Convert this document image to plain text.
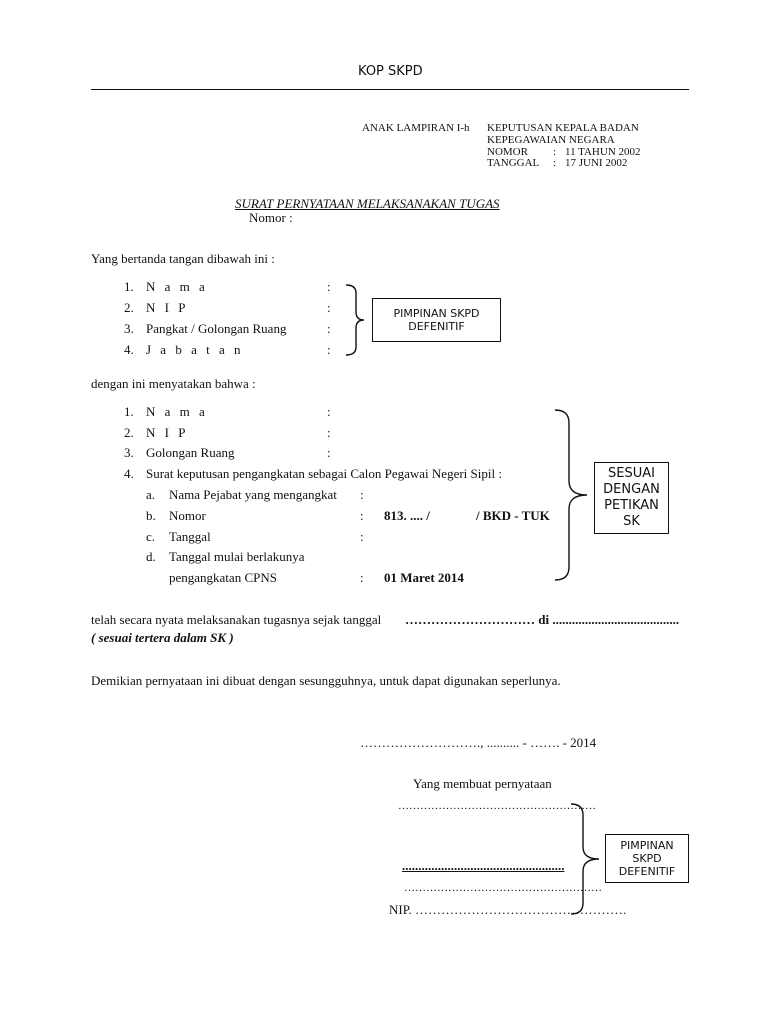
KOP SKPD
ANAK LAMPIRAN I-h KEPUTUSAN KEPALA BADAN
KEPEGAWAIAN NEGARA
NOMOR : 11 TAHUN 2002
TANGGAL : 17 JUNI 2002
SURAT PERNYATAAN MELAKSANAKAN TUGAS
Nomor :
Yang bertanda tangan dibawah ini :
1. N a m a	:
2. N I P	:
3. Pangkat / Golongan Ruang	:
4. J a b a t a n	:
PIMPINAN SKPD
DEFENITIF
dengan ini menyatakan bahwa :
1. N a m a	:
2. N I P	:
3. Golongan Ruang	:
4. Surat keputusan pengangkatan sebagai Calon Pegawai Negeri Sipil :
a. Nama Pejabat yang mengangkat :
b. Nomor	: 813. .... /	/ BKD - TUK
c. Tanggal	:
d. Tanggal mulai berlakunya
pengangkatan CPNS	: 01 Maret 2014
SESUAI
DENGAN
PETIKAN
SK
telah secara nyata melaksanakan tugasnya sejak tanggal ………………………… di .......................................
( sesuai tertera dalam SK )
Demikian pernyataan ini dibuat dengan sesungguhnya, untuk dapat digunakan seperlunya.
………………………., .......... - ……. - 2014
Yang membuat pernyataan
………………………………………………
..................................................
………………………………………………
NIP. ………………………………………….
PIMPINAN
SKPD
DEFENITIF
